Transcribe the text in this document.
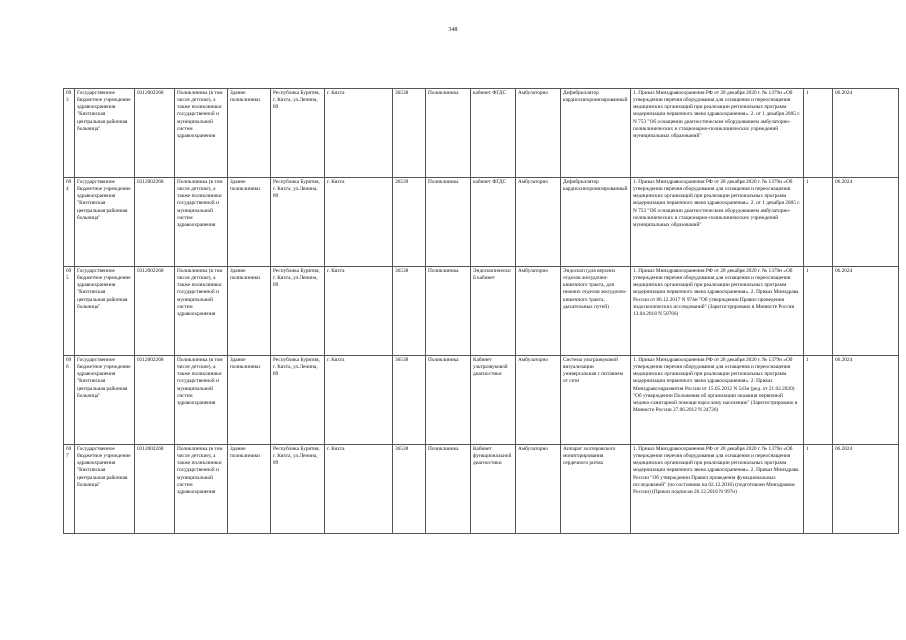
348
693	Государственное бюджетное учреждение здравоохранения "Кяхтинская центральная районная больница"	0312002268	Поликлиника (в том числе детские), а также поликлиники государственной и муниципальной систем здравоохранения	Здание поликлиники	Республика Бурятия, г. Кяхта, ул.Ленина, 89	г. Кяхта	36538	Поликлиника	кабинет ФГДС	Амбулаторно	Дефибриллятор кардиосинхронизированный	1. Приказ Минздравоохранения РФ от 28 декабря 2020 г. № 1379н «Об утверждении перечня оборудования для оснащения и переоснащения медицинских организаций при реализации региональных программ модернизации первичного звена здравоохранения». 2. от 1 декабря 2005 г. N 753 "Об оснащении диагностическим оборудованием амбулаторно-поликлинических и стационарно-поликлинических учреждений муниципальных образований"	1	06.2024
694	Государственное бюджетное учреждение здравоохранения "Кяхтинская центральная районная больница"	0312002268	Поликлиника (в том числе детские), а также поликлиники государственной и муниципальной систем здравоохранения	Здание поликлиники	Республика Бурятия, г. Кяхта, ул.Ленина, 89	г. Кяхта	36539	Поликлиника	кабинет ФГДС	Амбулаторно	Дефибриллятор кардиосинхронизированный	1. Приказ Минздравоохранения РФ от 28 декабря 2020 г. № 1379н «Об утверждении перечня оборудования для оснащения и переоснащения медицинских организаций при реализации региональных программ модернизации первичного звена здравоохранения». 2. от 1 декабря 2005 г. N 753 "Об оснащении диагностическим оборудованием амбулаторно-поликлинических и стационарно-поликлинических учреждений муниципальных образований"	1	06.2024
695	Государственное бюджетное учреждение здравоохранения "Кяхтинская центральная районная больница"	0312002268	Поликлиника (в том числе детские), а также поликлиники государственной и муниципальной систем здравоохранения	Здание поликлиники	Республика Бурятия, г. Кяхта, ул.Ленина, 89	г. Кяхта	36538	Поликлиника	Эндоскопический кабинет	Амбулаторно	Эндоскоп (для верхних отделов желудочно-кишечного тракта, для нижних отделов желудочно-кишечного тракта, дыхательных путей)	1. Приказ Минздравоохранения РФ от 28 декабря 2020 г. № 1379н «Об утверждении перечня оборудования для оснащения и переоснащения медицинских организаций при реализации региональных программ модернизации первичного звена здравоохранения». 2. Приказ Минздрава России от 06.12.2017 N 974н "Об утверждении Правил проведения эндоскопических исследований" (Зарегистрировано в Минюсте России 13.04.2018 N 50766)	1	06.2024
696	Государственное бюджетное учреждение здравоохранения "Кяхтинская центральная районная больница"	0312002268	Поликлиника (в том числе детские), а также поликлиники государственной и муниципальной систем здравоохранения	Здание поликлиники	Республика Бурятия, г. Кяхта, ул.Ленина, 89	г. Кяхта	36538	Поликлиника	Кабинет ультразвуковой диагностики	Амбулаторно	Система ультразвуковой визуализации универсальная с питанием от сети	1. Приказ Минздравоохранения РФ от 28 декабря 2020 г. № 1379н «Об утверждении перечня оборудования для оснащения и переоснащения медицинских организаций при реализации региональных программ модернизации первичного звена здравоохранения». 2. Приказ Минздравсоцразвития России от 15.05.2012 N 543н (ред. от 21.02.2020) "Об утверждении Положения об организации оказания первичной медико-санитарной помощи взрослому населению" (Зарегистрировано в Минюсте России 27.06.2012 N 24726)	1	06.2024
697	Государственное бюджетное учреждение здравоохранения "Кяхтинская центральная районная больница"	0312002268	Поликлиника (в том числе детские), а также поликлиники государственной и муниципальной систем здравоохранения	Здание поликлиники	Республика Бурятия, г. Кяхта, ул.Ленина, 89	г. Кяхта	36538	Поликлиника	Кабинет функциональной диагностики	Амбулаторно	Аппарат холтеровского мониторирования сердечного ритма	1. Приказ Минздравоохранения РФ от 28 декабря 2020 г. № 1379н «Об утверждении перечня оборудования для оснащения и переоснащения медицинских организаций при реализации региональных программ модернизации первичного звена здравоохранения». 2. Приказ Минздрава России "Об утверждении Правил проведения функциональных исследований" (по состоянию на 02.12.2016) (подготовлен Минздравом России) (Приказ подписан 26.12.2016 N 997н)	1	06.2024
